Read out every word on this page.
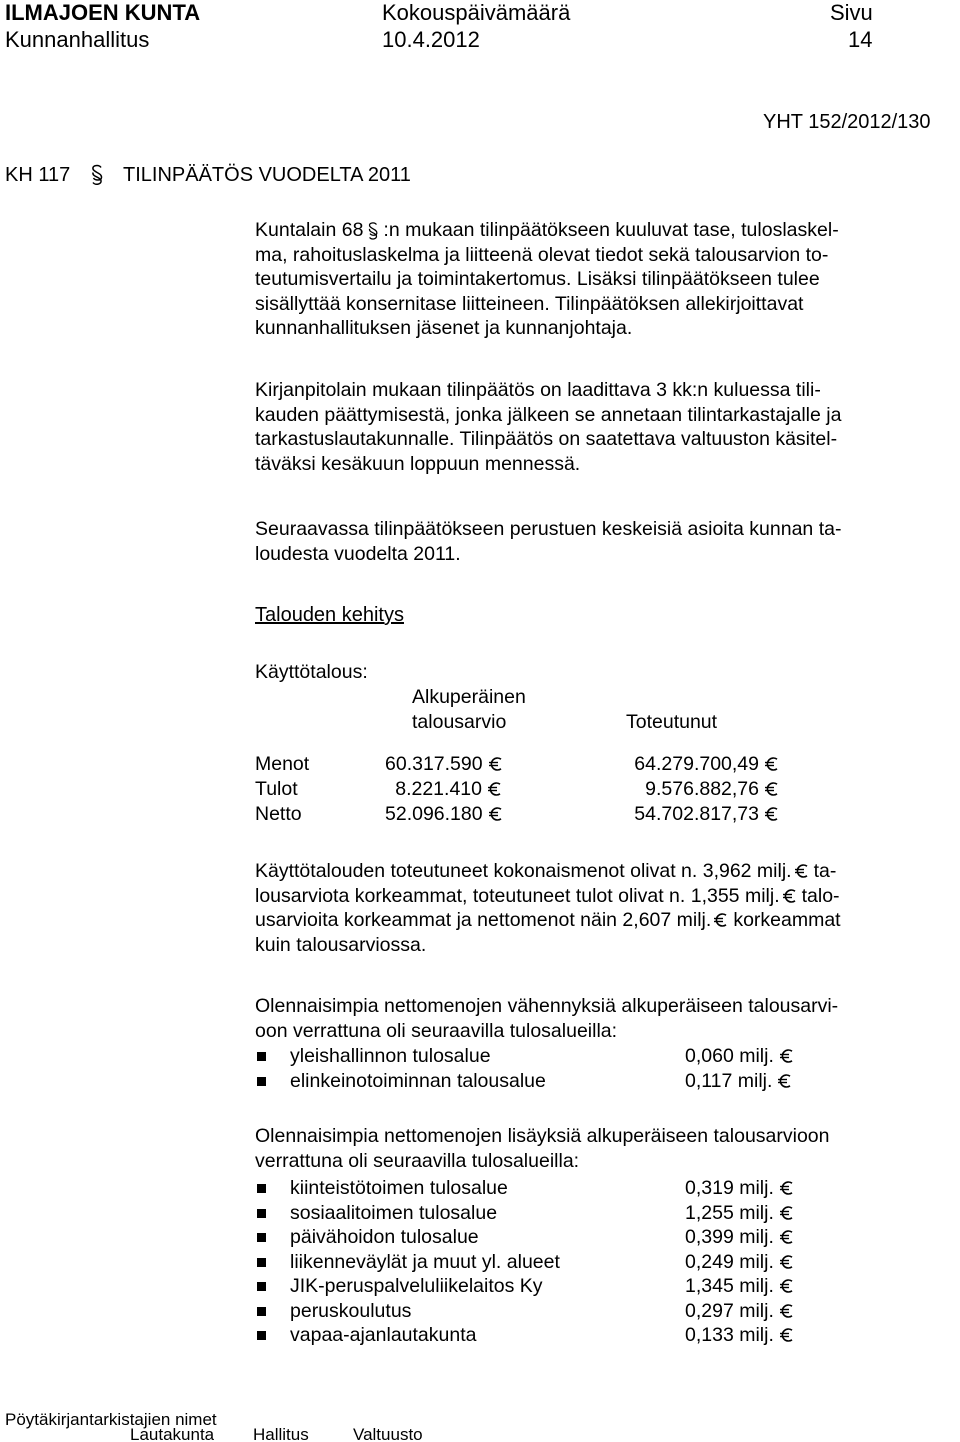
ILMAJOEN KUNTA	Kokouspäivämäärä	Sivu
Kunnanhallitus	10.4.2012	14
YHT 152/2012/130
KH 117	TILINPÄÄTÖS VUODELTA 2011
Kuntalain 68 :n mukaan tilinpäätökseen kuuluvat tase, tuloslaskel-
ma, rahoituslaskelma ja liitteenä olevat tiedot sekä talousarvion to-
teutumisvertailu ja toimintakertomus. Lisäksi tilinpäätökseen tulee
sisällyttää konsernitase liitteineen. Tilinpäätöksen allekirjoittavat
kunnanhallituksen jäsenet ja kunnanjohtaja.
Kirjanpitolain mukaan tilinpäätös on laadittava 3 kk:n kuluessa tili-
kauden päättymisestä, jonka jälkeen se annetaan tilintarkastajalle ja
tarkastuslautakunnalle. Tilinpäätös on saatettava valtuuston käsitel-
täväksi kesäkuun loppuun mennessä.
Seuraavassa tilinpäätökseen perustuen keskeisiä asioita kunnan ta-
loudesta vuodelta 2011.
Talouden kehitys
Käyttötalous:
Alkuperäinen
talousarvio	Toteutunut
Menot	60.317.590	64.279.700,49
Tulot	8.221.410	9.576.882,76
Netto	52.096.180	54.702.817,73
Käyttötalouden toteutuneet kokonaismenot olivat n. 3,962 milj. ta-
lousarviota korkeammat, toteutuneet tulot olivat n. 1,355 milj. talo-
usarvioita korkeammat ja nettomenot näin 2,607 milj. korkeammat
kuin talousarviossa.
Olennaisimpia nettomenojen vähennyksiä alkuperäiseen talousarvi-
oon verrattuna oli seuraavilla tulosalueilla:
yleishallinnon tulosalue	0,060 milj.
elinkeinotoiminnan talousalue	0,117 milj.
Olennaisimpia nettomenojen lisäyksiä alkuperäiseen talousarvioon
verrattuna oli seuraavilla tulosalueilla:
kiinteistötoimen tulosalue	0,319 milj.
sosiaalitoimen tulosalue	1,255 milj.
päivähoidon tulosalue	0,399 milj.
liikenneväylät ja muut yl. alueet	0,249 milj.
JIK-peruspalveluliikelaitos Ky	1,345 milj.
peruskoulutus	0,297 milj.
vapaa-ajanlautakunta	0,133 milj.
Pöytäkirjantarkistajien nimet
Lautakunta Hallitus	Valtuusto
